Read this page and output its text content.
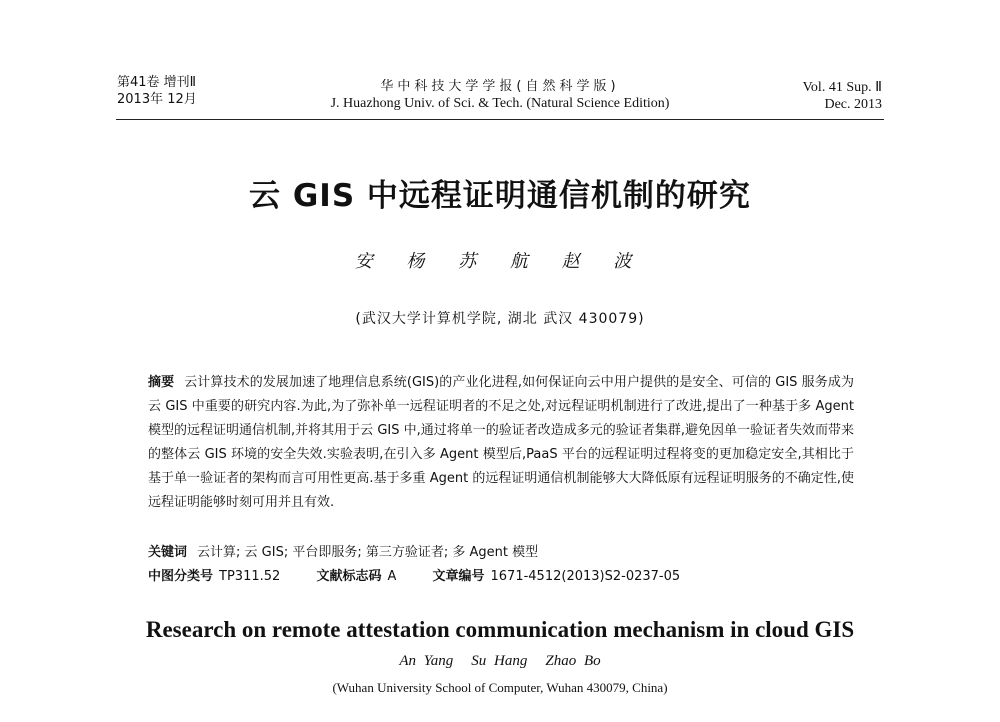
第41卷 增刊Ⅱ
2013年 12月
华中科技大学学报(自然科学版)
J. Huazhong Univ. of Sci. & Tech. (Natural Science Edition)
Vol. 41 Sup. Ⅱ
Dec. 2013
云 GIS 中远程证明通信机制的研究
安 杨 苏 航 赵 波
(武汉大学计算机学院, 湖北 武汉 430079)
摘要 云计算技术的发展加速了地理信息系统(GIS)的产业化进程,如何保证向云中用户提供的是安全、可信的 GIS 服务成为云 GIS 中重要的研究内容.为此,为了弥补单一远程证明者的不足之处,对远程证明机制进行了改进,提出了一种基于多 Agent 模型的远程证明通信机制,并将其用于云 GIS 中,通过将单一的验证者改造成多元的验证者集群,避免因单一验证者失效而带来的整体云 GIS 环境的安全失效.实验表明,在引入多 Agent 模型后,PaaS 平台的远程证明过程将变的更加稳定安全,其相比于基于单一验证者的架构而言可用性更高.基于多重 Agent 的远程证明通信机制能够大大降低原有远程证明服务的不确定性,使远程证明能够时刻可用并且有效.
关键词 云计算; 云 GIS; 平台即服务; 第三方验证者; 多 Agent 模型
中图分类号 TP311.52	文献标志码 A	文章编号 1671-4512(2013)S2-0237-05
Research on remote attestation communication mechanism in cloud GIS
An Yang Su Hang Zhao Bo
(Wuhan University School of Computer, Wuhan 430079, China)
